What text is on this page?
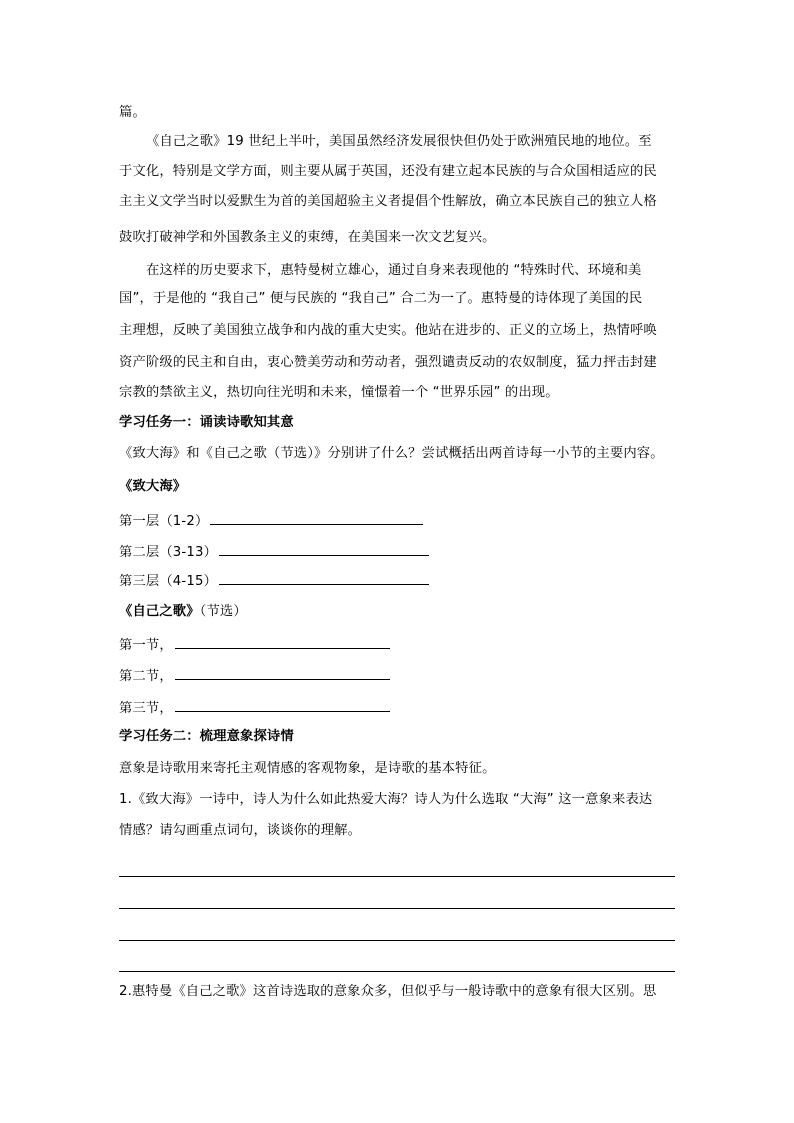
篇。
《自己之歌》19 世纪上半叶，美国虽然经济发展很快但仍处于欧洲殖民地的地位。至
于文化，特别是文学方面，则主要从属于英国，还没有建立起本民族的与合众国相适应的民
主主义文学当时以爱默生为首的美国超验主义者提倡个性解放，确立本民族自己的独立人格
鼓吹打破神学和外国教条主义的束缚，在美国来一次文艺复兴。
在这样的历史要求下，惠特曼树立雄心，通过自身来表现他的 “特殊时代、环境和美
国”，于是他的 “我自己” 便与民族的 “我自己” 合二为一了。惠特曼的诗体现了美国的民
主理想，反映了美国独立战争和内战的重大史实。他站在进步的、正义的立场上，热情呼唤
资产阶级的民主和自由，衷心赞美劳动和劳动者，强烈谴责反动的农奴制度，猛力抨击封建
宗教的禁欲主义，热切向往光明和未来，憧憬着一个 “世界乐园” 的出现。
学习任务一：诵读诗歌知其意
《致大海》和《自己之歌（节选）》分别讲了什么？尝试概括出两首诗每一小节的主要内容。
《致大海》
第一层（1-2）
第二层（3-13）
第三层（4-15）
《自己之歌》（节选）
第一节，
第二节，
第三节，
学习任务二：梳理意象探诗情
意象是诗歌用来寄托主观情感的客观物象，是诗歌的基本特征。
1.《致大海》一诗中，诗人为什么如此热爱大海？诗人为什么选取 “大海” 这一意象来表达
情感？请勾画重点词句，谈谈你的理解。
2.惠特曼《自己之歌》这首诗选取的意象众多，但似乎与一般诗歌中的意象有很大区别。思
